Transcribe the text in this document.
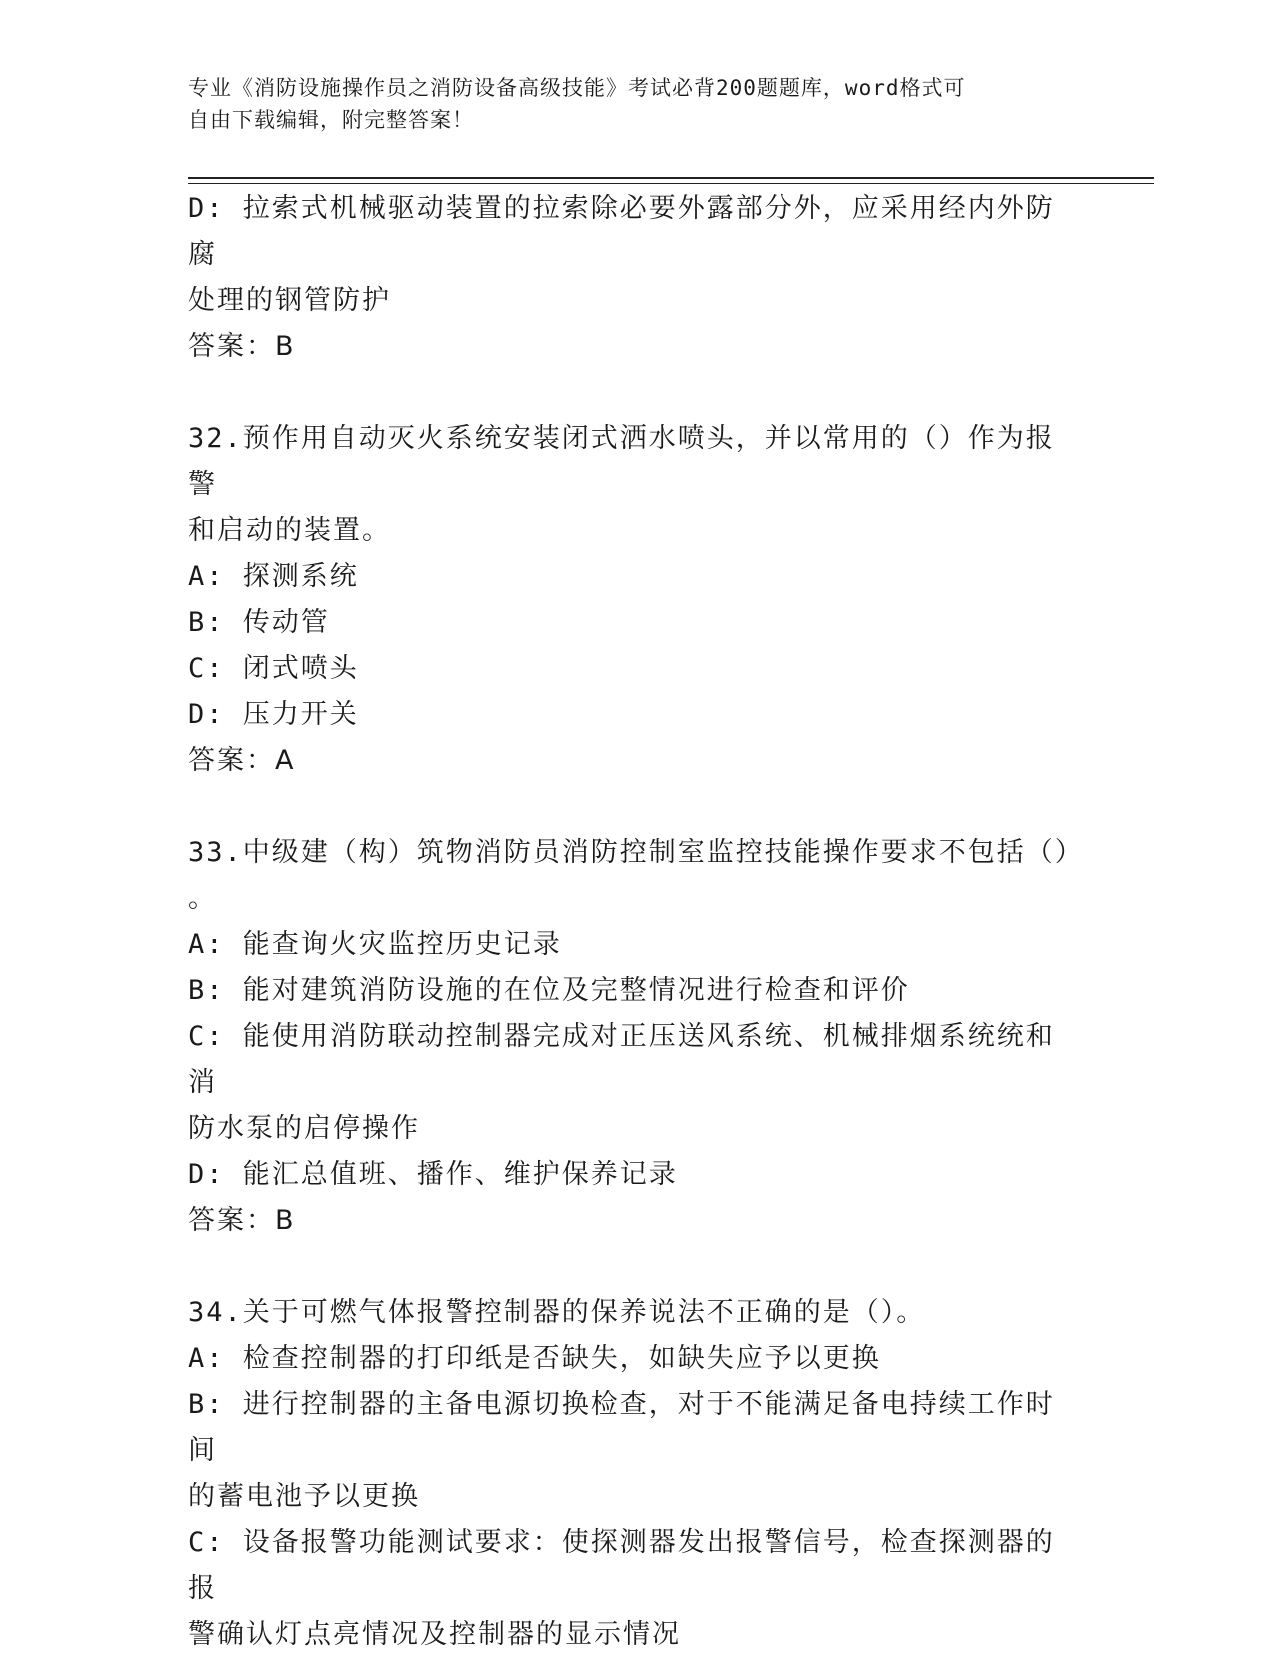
专业《消防设施操作员之消防设备高级技能》考试必背200题题库，word格式可
自由下载编辑，附完整答案！
D: 拉索式机械驱动装置的拉索除必要外露部分外，应采用经内外防腐
处理的钢管防护
答案：B
32.预作用自动灭火系统安装闭式洒水喷头，并以常用的（）作为报警
和启动的装置。
A: 探测系统
B: 传动管
C: 闭式喷头
D: 压力开关
答案：A
33.中级建（构）筑物消防员消防控制室监控技能操作要求不包括（）
。
A: 能查询火灾监控历史记录
B: 能对建筑消防设施的在位及完整情况进行检查和评价
C: 能使用消防联动控制器完成对正压送风系统、机械排烟系统统和消
防水泵的启停操作
D: 能汇总值班、播作、维护保养记录
答案：B
34.关于可燃气体报警控制器的保养说法不正确的是（）。
A: 检查控制器的打印纸是否缺失，如缺失应予以更换
B: 进行控制器的主备电源切换检查，对于不能满足备电持续工作时间
的蓄电池予以更换
C: 设备报警功能测试要求：使探测器发出报警信号，检查探测器的报
警确认灯点亮情况及控制器的显示情况
